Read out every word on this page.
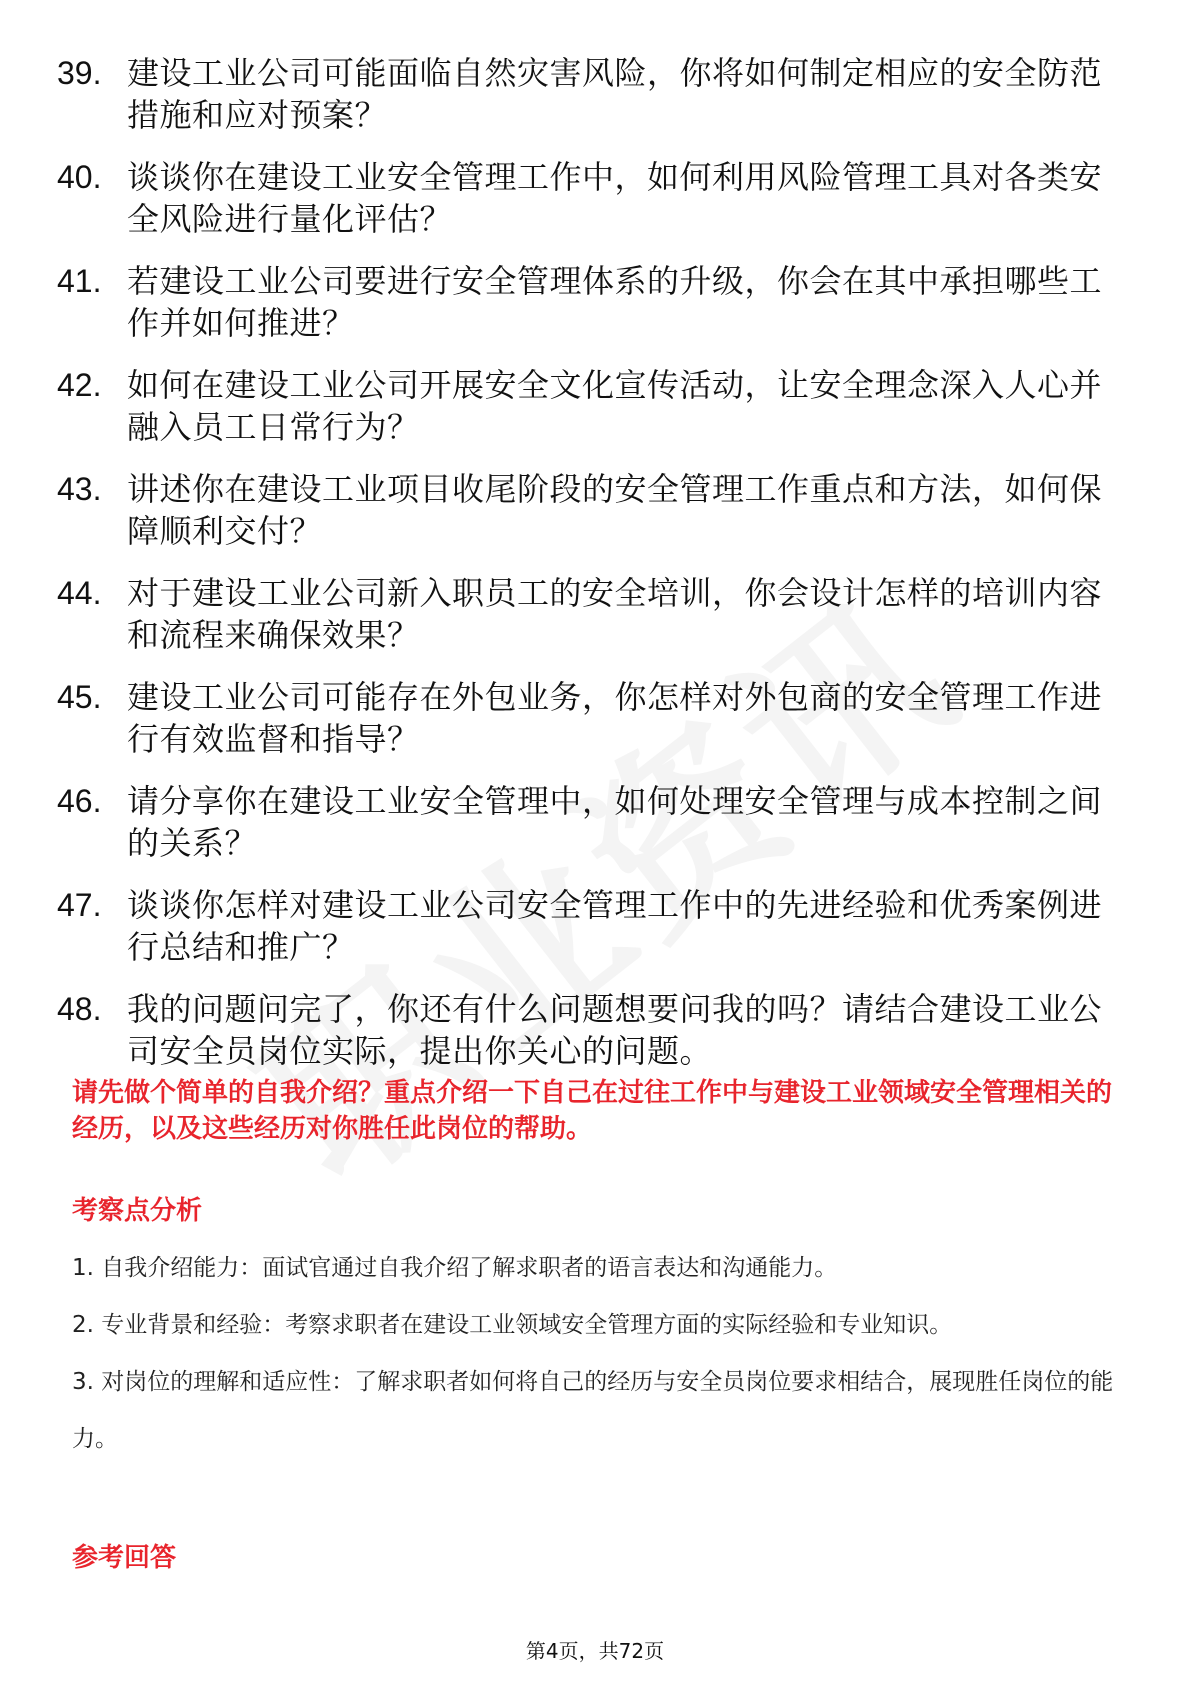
39. 建设工业公司可能面临自然灾害风险，你将如何制定相应的安全防范措施和应对预案？
40. 谈谈你在建设工业安全管理工作中，如何利用风险管理工具对各类安全风险进行量化评估？
41. 若建设工业公司要进行安全管理体系的升级，你会在其中承担哪些工作并如何推进？
42. 如何在建设工业公司开展安全文化宣传活动，让安全理念深入人心并融入员工日常行为？
43. 讲述你在建设工业项目收尾阶段的安全管理工作重点和方法，如何保障顺利交付？
44. 对于建设工业公司新入职员工的安全培训，你会设计怎样的培训内容和流程来确保效果？
45. 建设工业公司可能存在外包业务，你怎样对外包商的安全管理工作进行有效监督和指导？
46. 请分享你在建设工业安全管理中，如何处理安全管理与成本控制之间的关系？
47. 谈谈你怎样对建设工业公司安全管理工作中的先进经验和优秀案例进行总结和推广？
48. 我的问题问完了，你还有什么问题想要问我的吗？请结合建设工业公司安全员岗位实际，提出你关心的问题。
请先做个简单的自我介绍？重点介绍一下自己在过往工作中与建设工业领域安全管理相关的经历，以及这些经历对你胜任此岗位的帮助。
考察点分析

1. 自我介绍能力：面试官通过自我介绍了解求职者的语言表达和沟通能力。

2. 专业背景和经验：考察求职者在建设工业领域安全管理方面的实际经验和专业知识。

3. 对岗位的理解和适应性：了解求职者如何将自己的经历与安全员岗位要求相结合，展现胜任岗位的能力。

参考回答
第4页，共72页
